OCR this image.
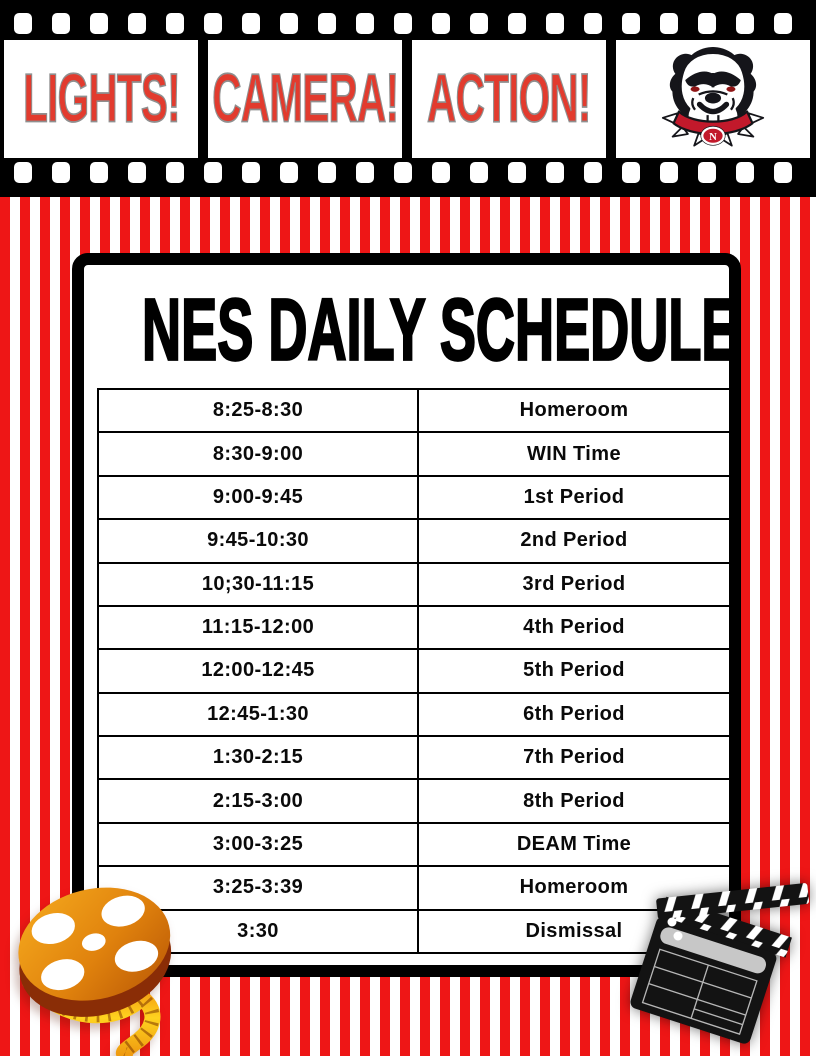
LIGHTS! CAMERA! ACTION!	N
NES DAILY SCHEDULE
8:25-8:30	Homeroom
8:30-9:00	WIN Time
9:00-9:45	1st Period
9:45-10:30	2nd Period
10;30-11:15	3rd Period
11:15-12:00	4th Period
12:00-12:45	5th Period
12:45-1:30	6th Period
1:30-2:15	7th Period
2:15-3:00	8th Period
3:00-3:25	DEAM Time
3:25-3:39	Homeroom
3:30	Dismissal
